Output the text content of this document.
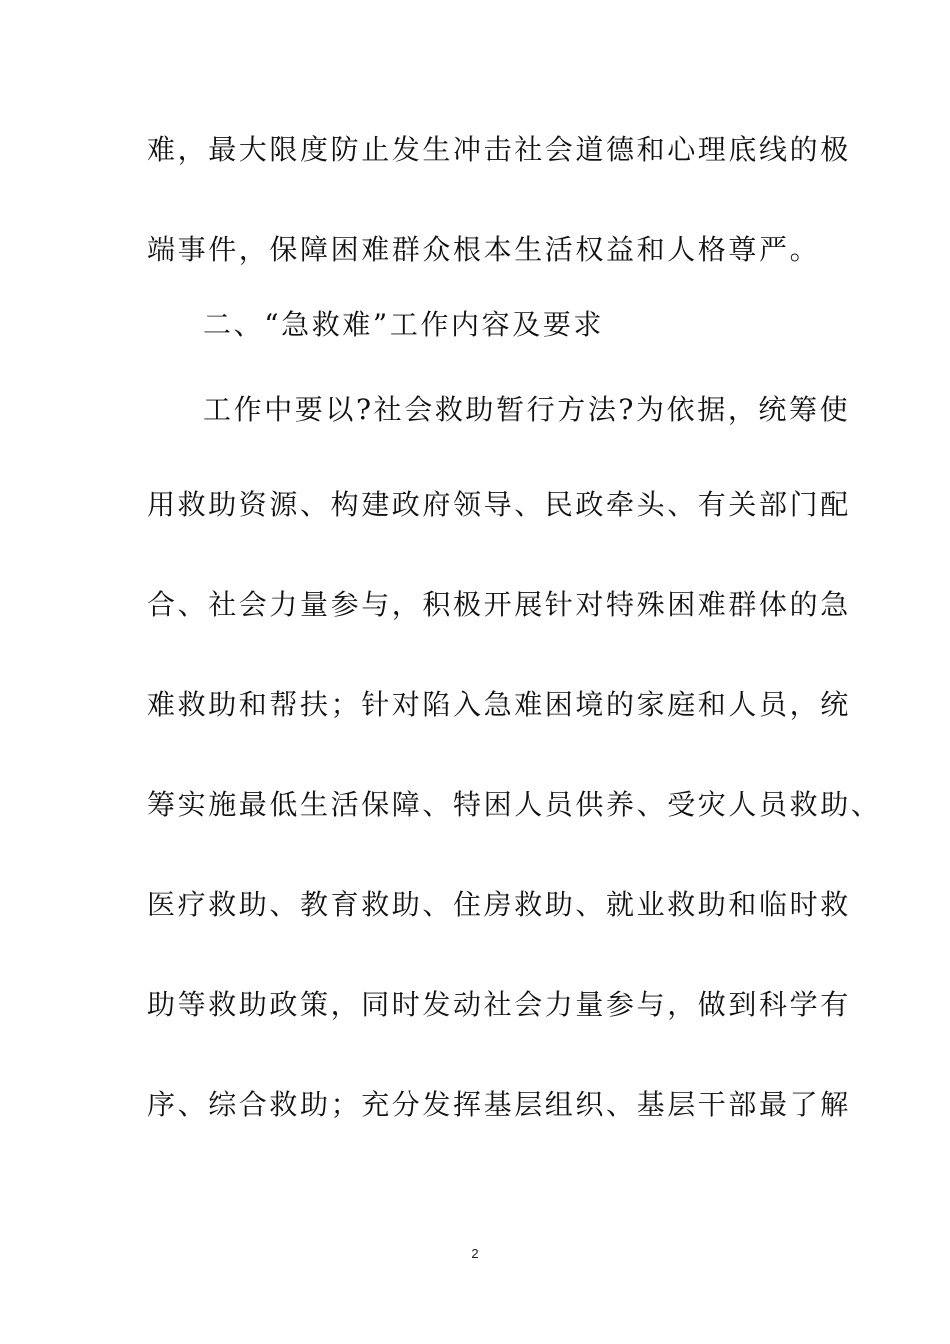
难，最大限度防止发生冲击社会道德和心理底线的极
端事件，保障困难群众根本生活权益和人格尊严。
二、“急救难”工作内容及要求
工作中要以?社会救助暂行方法?为依据，统筹使
用救助资源、构建政府领导、民政牵头、有关部门配
合、社会力量参与，积极开展针对特殊困难群体的急
难救助和帮扶；针对陷入急难困境的家庭和人员，统
筹实施最低生活保障、特困人员供养、受灾人员救助、
医疗救助、教育救助、住房救助、就业救助和临时救
助等救助政策，同时发动社会力量参与，做到科学有
序、综合救助；充分发挥基层组织、基层干部最了解
2
